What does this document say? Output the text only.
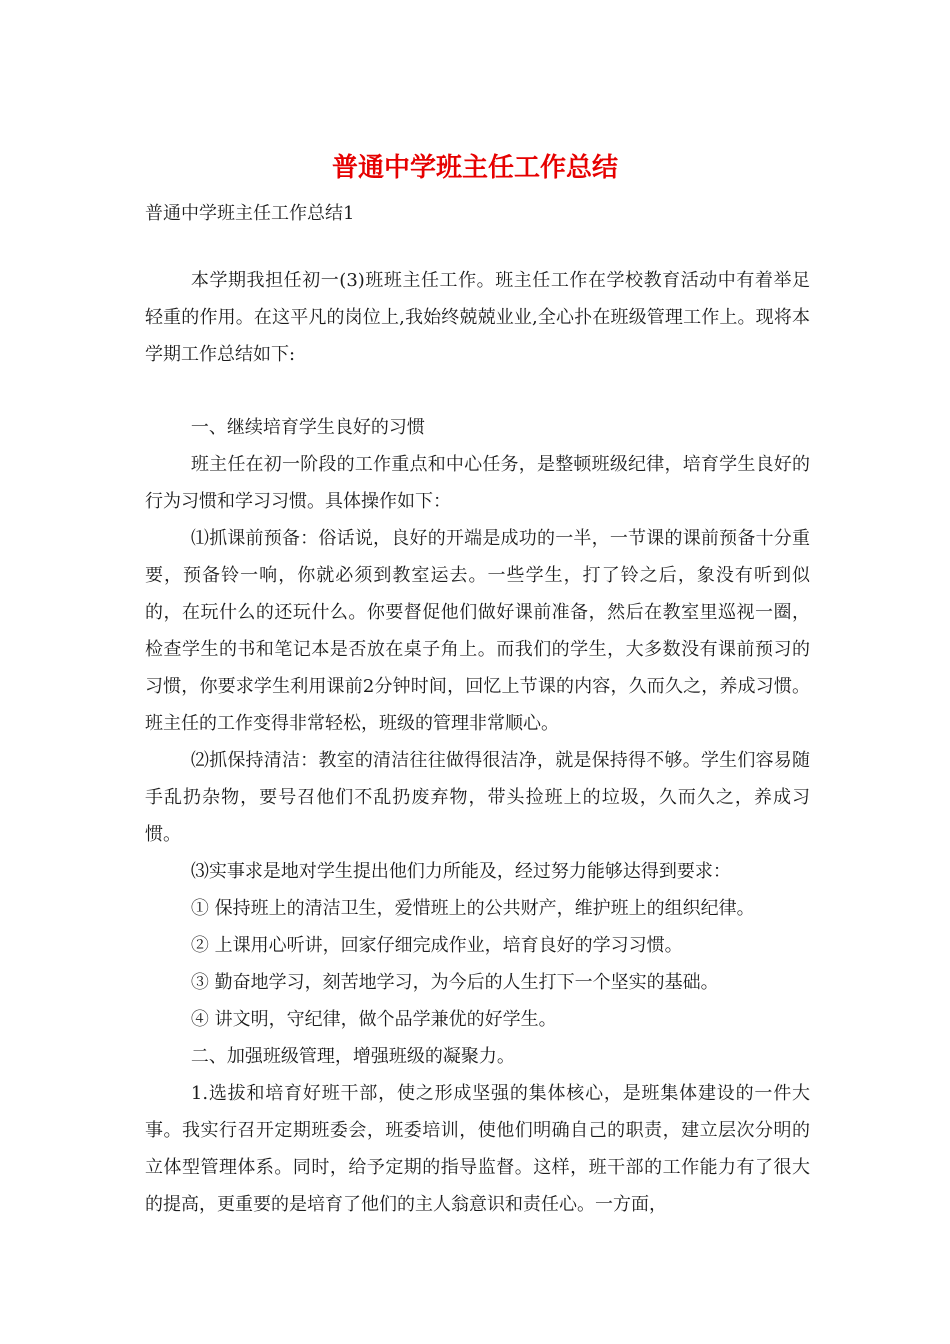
普通中学班主任工作总结
普通中学班主任工作总结1

本学期我担任初一(3)班班主任工作。班主任工作在学校教育活动中有着举足轻重的作用。在这平凡的岗位上,我始终兢兢业业,全心扑在班级管理工作上。现将本学期工作总结如下:

一、继续培育学生良好的习惯

班主任在初一阶段的工作重点和中心任务，是整顿班级纪律，培育学生良好的行为习惯和学习习惯。具体操作如下：

⑴抓课前预备：俗话说，良好的开端是成功的一半，一节课的课前预备十分重要，预备铃一响，你就必须到教室运去。一些学生，打了铃之后，象没有听到似的，在玩什么的还玩什么。你要督促他们做好课前准备，然后在教室里巡视一圈，检查学生的书和笔记本是否放在桌子角上。而我们的学生，大多数没有课前预习的习惯，你要求学生利用课前2分钟时间，回忆上节课的内容，久而久之，养成习惯。班主任的工作变得非常轻松，班级的管理非常顺心。

⑵抓保持清洁：教室的清洁往往做得很洁净，就是保持得不够。学生们容易随手乱扔杂物，要号召他们不乱扔废弃物，带头捡班上的垃圾，久而久之，养成习惯。

⑶实事求是地对学生提出他们力所能及，经过努力能够达得到要求：

① 保持班上的清洁卫生，爱惜班上的公共财产，维护班上的组织纪律。

② 上课用心听讲，回家仔细完成作业，培育良好的学习习惯。

③ 勤奋地学习，刻苦地学习，为今后的人生打下一个坚实的基础。

④ 讲文明，守纪律，做个品学兼优的好学生。

二、加强班级管理，增强班级的凝聚力。

1.选拔和培育好班干部，使之形成坚强的集体核心，是班集体建设的一件大事。我实行召开定期班委会，班委培训，使他们明确自己的职责，建立层次分明的立体型管理体系。同时，给予定期的指导监督。这样，班干部的工作能力有了很大的提高，更重要的是培育了他们的主人翁意识和责任心。一方面，
